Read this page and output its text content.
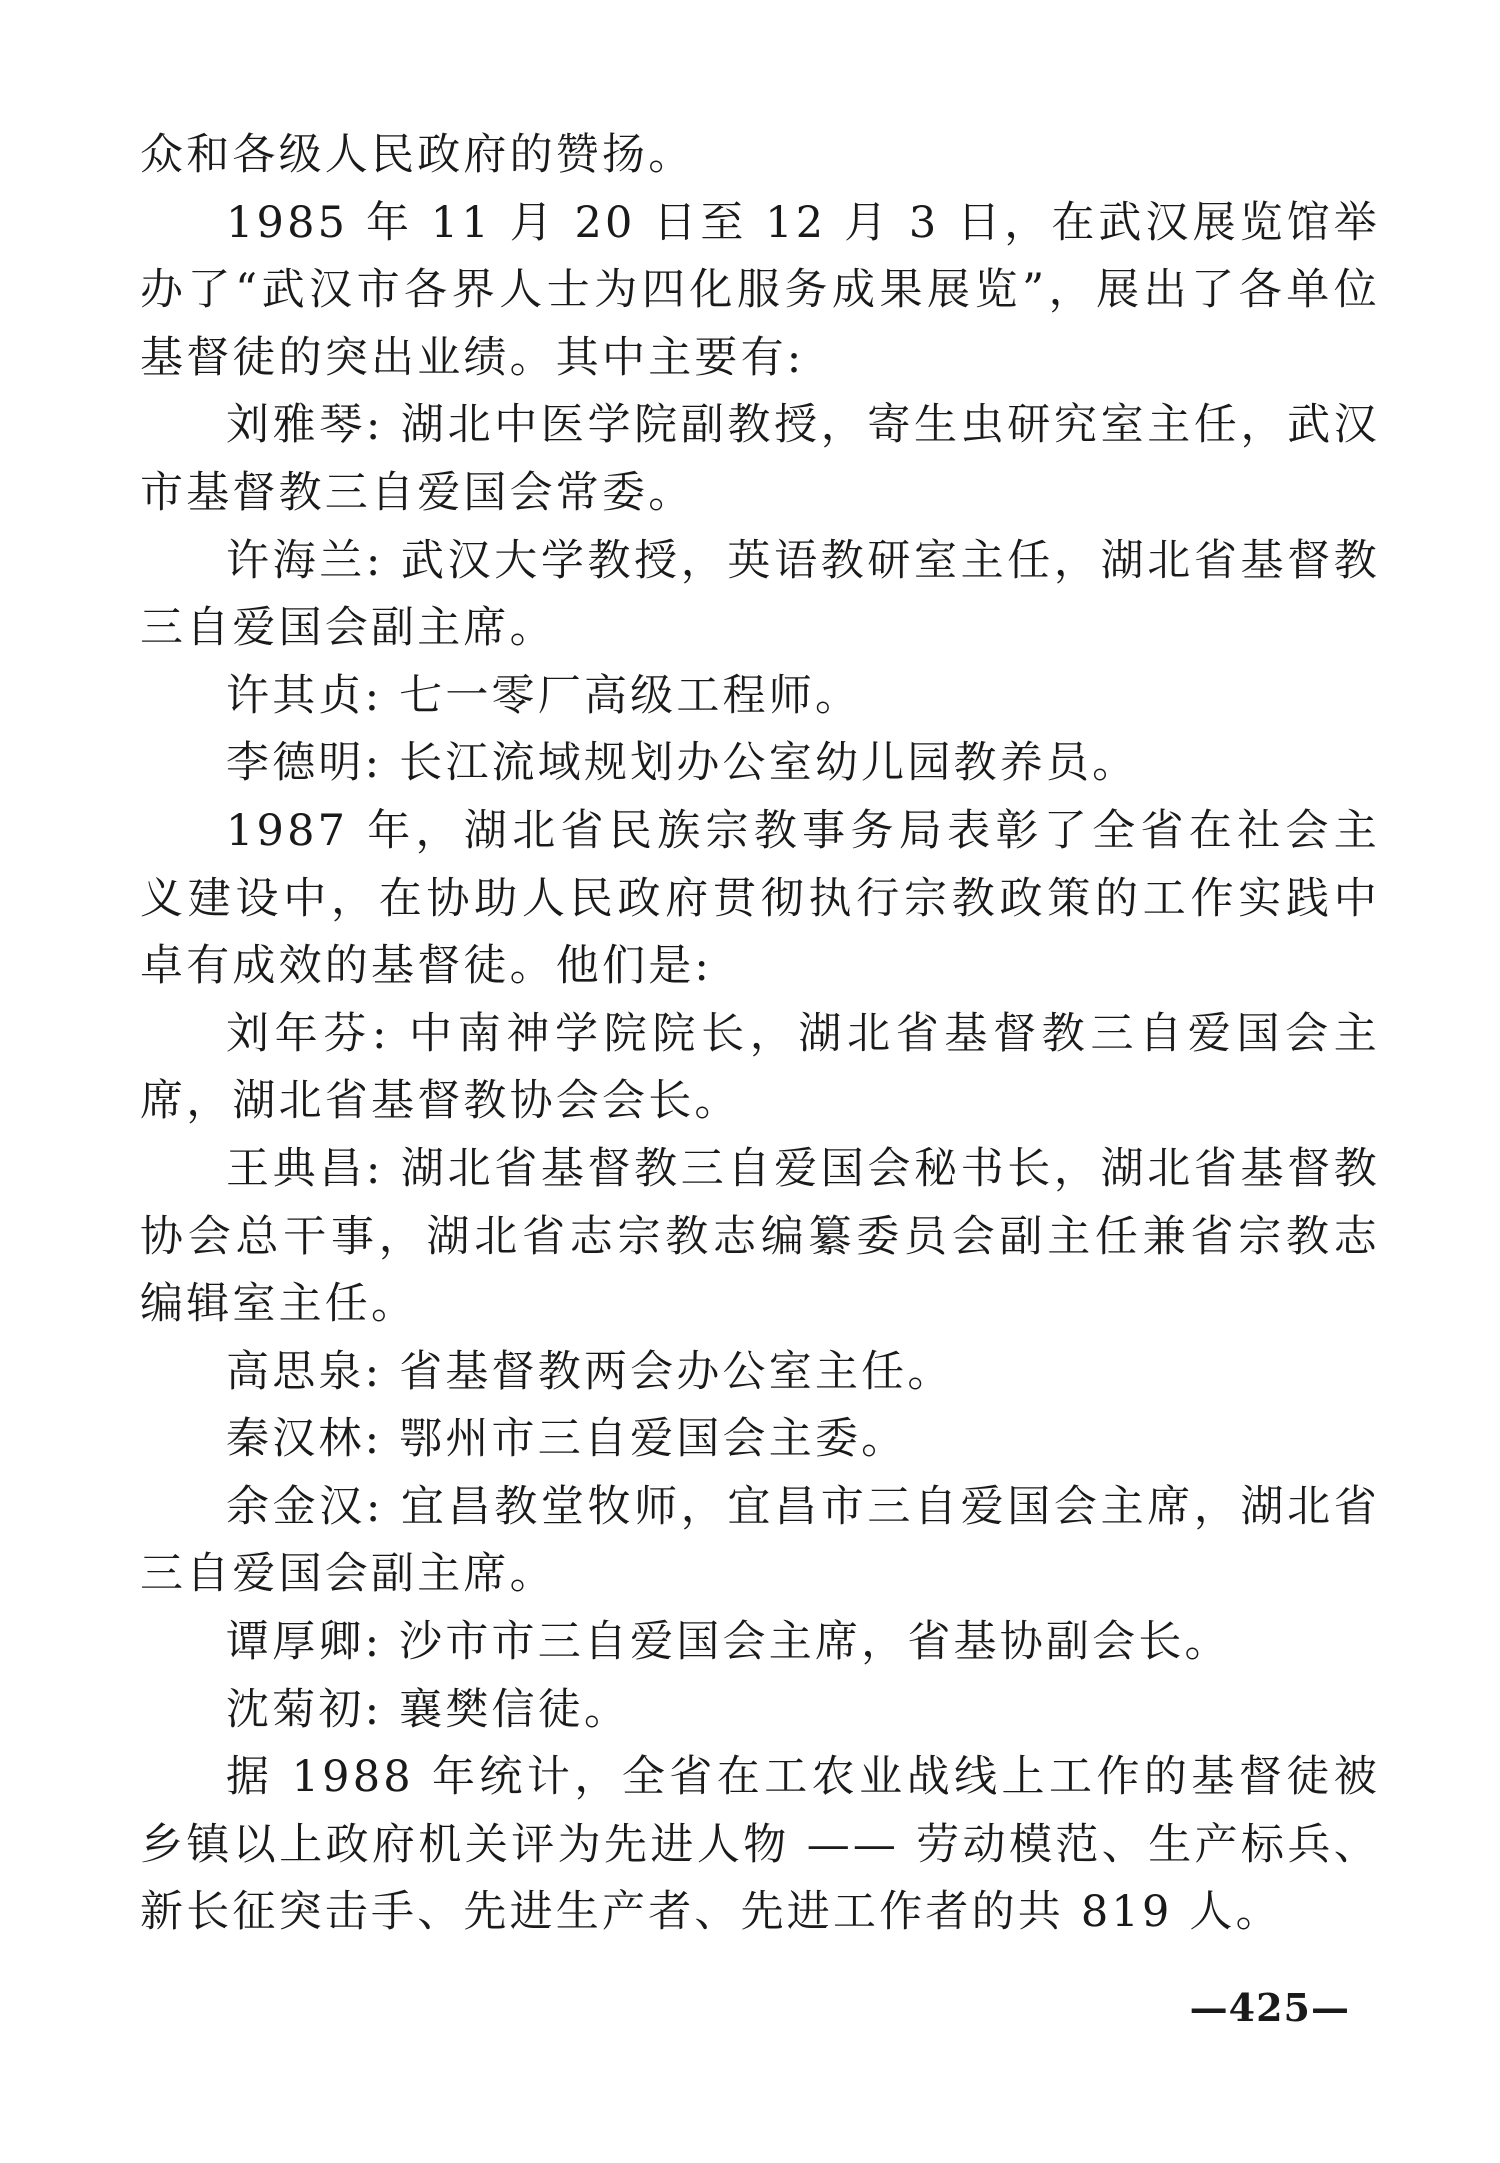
众和各级人民政府的赞扬。

1985 年 11 月 20 日至 12 月 3 日，在武汉展览馆举办了“武汉市各界人士为四化服务成果展览”，展出了各单位基督徒的突出业绩。其中主要有:

刘雅琴: 湖北中医学院副教授，寄生虫研究室主任，武汉市基督教三自爱国会常委。

许海兰: 武汉大学教授，英语教研室主任，湖北省基督教三自爱国会副主席。

许其贞: 七一零厂高级工程师。

李德明: 长江流域规划办公室幼儿园教养员。

1987 年，湖北省民族宗教事务局表彰了全省在社会主义建设中，在协助人民政府贯彻执行宗教政策的工作实践中卓有成效的基督徒。他们是:

刘年芬: 中南神学院院长，湖北省基督教三自爱国会主席，湖北省基督教协会会长。

王典昌: 湖北省基督教三自爱国会秘书长，湖北省基督教协会总干事，湖北省志宗教志编纂委员会副主任兼省宗教志编辑室主任。

高思泉: 省基督教两会办公室主任。

秦汉林: 鄂州市三自爱国会主委。

余金汉: 宜昌教堂牧师，宜昌市三自爱国会主席，湖北省三自爱国会副主席。

谭厚卿: 沙市市三自爱国会主席，省基协副会长。

沈菊初: 襄樊信徒。

据 1988 年统计，全省在工农业战线上工作的基督徒被乡镇以上政府机关评为先进人物 —— 劳动模范、生产标兵、新长征突击手、先进生产者、先进工作者的共 819 人。

—425—
